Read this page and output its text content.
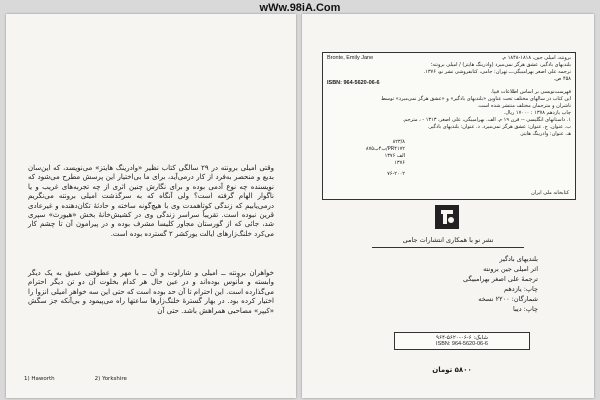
wWw.98iA.Com
وقتی امیلی برونته در ۲۹ سالگی کتاب نظیر «وادرینگ هایتز» می‌نویسد، که این‌سان بدیع و منحصر به‌فرد از کار درمی‌آید، برای ما بی‌اختیار این پرسش مطرح می‌شود که نویسنده چه نوع آدمی بوده و برای نگارش چنین اثری از چه تجربه‌های غریب و یا ناگوار الهام گرفته است؟ ولی آنگاه که به سرگذشت امیلی برونته می‌نگریم درمی‌یابیم که زندگی کوتاهمدت وی با هیچ‌گونه ساخته و حادثهٔ تکان‌دهنده و غیرعادی قرین نبوده است. تقریباً سراسر زندگی وی در کشیش‌خانهٔ بخش «هیورث» سپری شد، جائی که از گورستان مجاور کلیسا مشرف بوده و در پیرامون آن تا چشم کار می‌کرد خلنگ‌زارهای ایالت یورکشر ۲ گسترده بوده است.
خواهران برونته ــ امیلی و شارلوت و آن ــ با مهر و عطوفتی عمیق به یک دیگر وابسته و مأنوس بوده‌اند و در عین حال هر کدام بخلوت آن دو تن دیگر احترام می‌گذارده است. این احترام تا آن حد بوده است که حتی این سه خواهر امیلی انزوا را اختیار کرده بود. در بهار گسترهٔ خلنگ‌زارها ساعتها راه می‌پیمود و بی‌آنکه جز سگش «کیپر» مصاحبی همراهش باشد. حتی آن
1) Haworth	2) Yorkshire
Bronte, Emily Jane	برونته، امیلی جین، ۱۸۱۸-۱۸۴۸ م.
بلندیهای بادگیر، عشق هرگز نمی‌میرد (وادرینگ هایتز) / امیلی برونته؛
ترجمه علی اصغر بهرامبیگی.ــ تهران: جامی، کتابفروشی تشر نو، ۱۳۷۶.
۴۵۸ ص.
ISBN: 964-5620-06-6
فهرست‌نویسی بر اساس اطلاعات فیپا.
این کتاب در سالهای مختلف تحت عناوین «بلندیهای بادگیر» و «عشق هرگز نمی‌میرد» توسط
ناشران و مترجمان مختلف منتشر شده است.
چاپ یازدهم ۱۳۷۸ : ۱۷۰۰۰ ریال.
۱. داستانهای انگلیسی -- قرن ۱۹ م. الف. بهرامبیگی، علی اصغر، ۱۳۱۳ - ، مترجم.
ب. عنوان. ج. عنوان: عشق هرگز نمی‌میرد. د. عنوان: بلندیهای بادگیر.
هـ. عنوان: وادرینگ هایتز.
۸۲۳/۸
PR۴۱۷۲/ب۴ب۸۷۵
الف ۱۳۷۶
۱۳۷۶
۷۶-۲۰۰۲
کتابخانه ملی ایران
نشر نو با همکاری انتشارات جامی
بلندیهای بادگیر
اثر امیلی جین برونته
ترجمهٔ علی اصغر بهرامبیگی
چاپ: یازدهم
شمارگان: ۲۲۰۰ نسخه
چاپ: دیبا
شابک: ۶-۰۶-۵۶۲۰-۹۶۴
ISBN: 964-5620-06-6
۵۸۰۰ تومان
